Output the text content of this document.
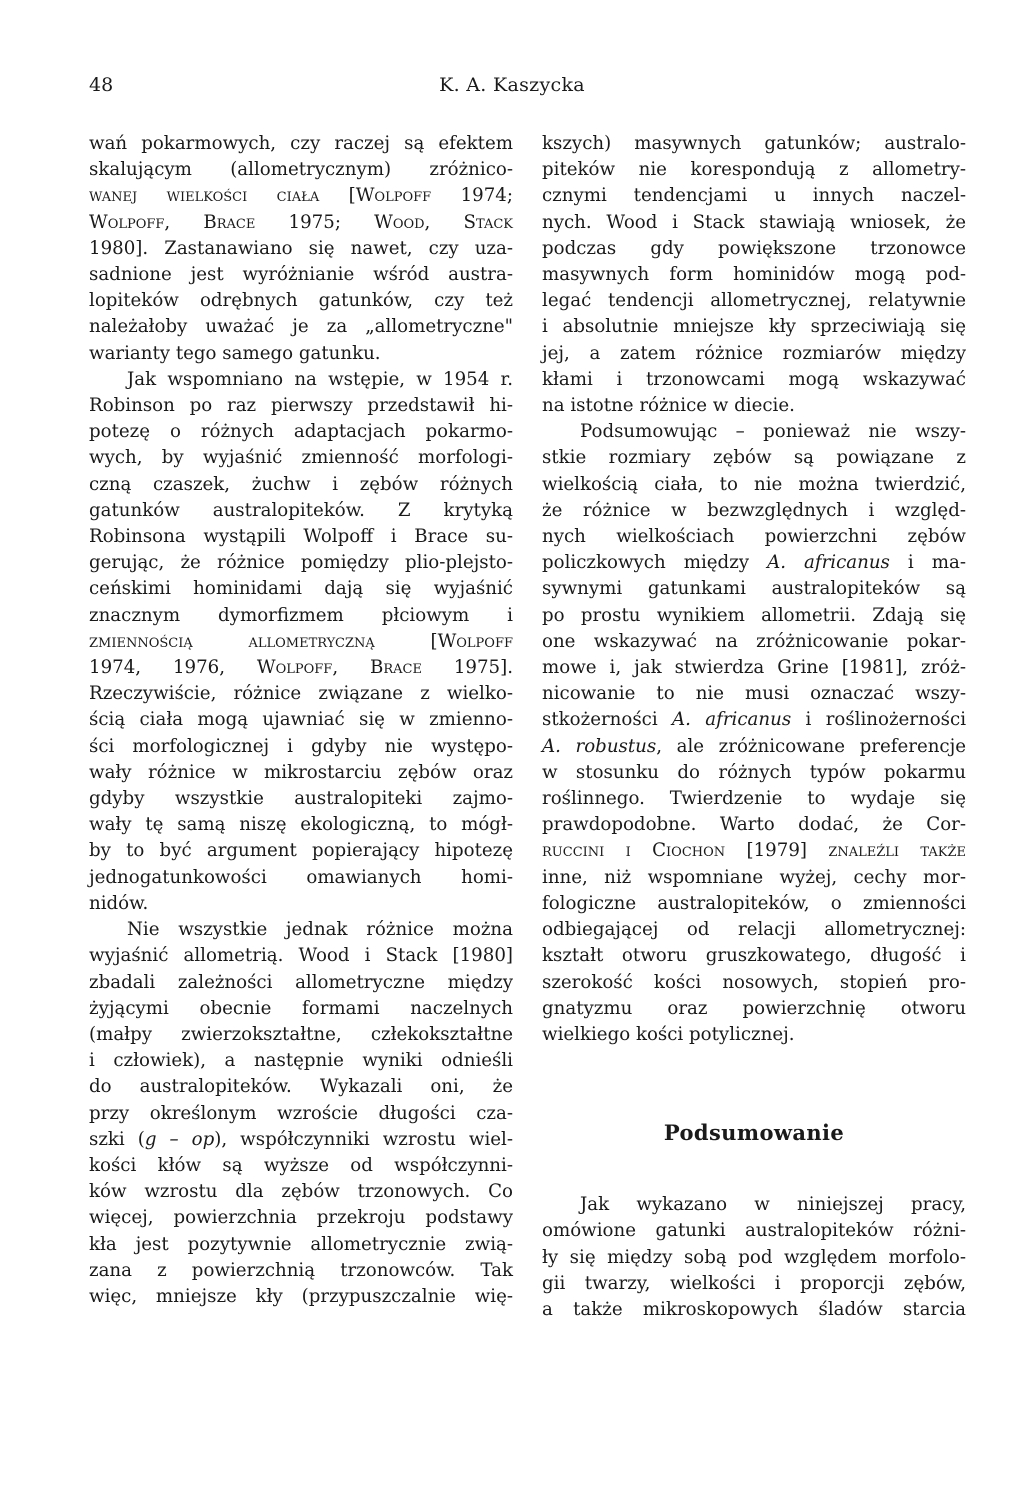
48	K. A. Kaszycka

wań pokarmowych, czy raczej są efektem
skalującym (allometrycznym) zróżnico-
wanej wielkości ciała [Wolpoff 1974;
Wolpoff, Brace 1975; Wood, Stack
1980]. Zastanawiano się nawet, czy uza-
sadnione jest wyróżnianie wśród austra-
lopiteków odrębnych gatunków, czy też
należałoby uważać je za „allometryczne"
warianty tego samego gatunku.

Jak wspomniano na wstępie, w 1954 r.
Robinson po raz pierwszy przedstawił hi-
potezę o różnych adaptacjach pokarmo-
wych, by wyjaśnić zmienność morfologi-
czną czaszek, żuchw i zębów różnych
gatunków australopiteków. Z krytyką
Robinsona wystąpili Wolpoff i Brace su-
gerując, że różnice pomiędzy plio-plejsto-
ceńskimi hominidami dają się wyjaśnić
znacznym dymorfizmem płciowym i
zmiennością allometryczną [Wolpoff
1974, 1976, Wolpoff, Brace 1975].
Rzeczywiście, różnice związane z wielko-
ścią ciała mogą ujawniać się w zmienno-
ści morfologicznej i gdyby nie występo-
wały różnice w mikrostarciu zębów oraz
gdyby wszystkie australopiteki zajmo-
wały tę samą niszę ekologiczną, to mógł-
by to być argument popierający hipotezę
jednogatunkowości omawianych homi-
nidów.

Nie wszystkie jednak różnice można
wyjaśnić allometrią. Wood i Stack [1980]
zbadali zależności allometryczne między
żyjącymi obecnie formami naczelnych
(małpy zwierzokształtne, człekokształtne
i człowiek), a następnie wyniki odnieśli
do australopiteków. Wykazali oni, że
przy określonym wzroście długości cza-
szki (g – op), współczynniki wzrostu wiel-
kości kłów są wyższe od współczynni-
ków wzrostu dla zębów trzonowych. Co
więcej, powierzchnia przekroju podstawy
kła jest pozytywnie allometrycznie zwią-
zana z powierzchnią trzonowców. Tak
więc, mniejsze kły (przypuszczalnie wię-

kszych) masywnych gatunków; australo-
piteków nie korespondują z allometry-
cznymi tendencjami u innych naczel-
nych. Wood i Stack stawiają wniosek, że
podczas gdy powiększone trzonowce
masywnych form hominidów mogą pod-
legać tendencji allometrycznej, relatywnie
i absolutnie mniejsze kły sprzeciwiają się
jej, a zatem różnice rozmiarów między
kłami i trzonowcami mogą wskazywać
na istotne różnice w diecie.

Podsumowując – ponieważ nie wszy-
stkie rozmiary zębów są powiązane z
wielkością ciała, to nie można twierdzić,
że różnice w bezwzględnych i względ-
nych wielkościach powierzchni zębów
policzkowych między A. africanus i ma-
sywnymi gatunkami australopiteków są
po prostu wynikiem allometrii. Zdają się
one wskazywać na zróżnicowanie pokar-
mowe i, jak stwierdza Grine [1981], zróż-
nicowanie to nie musi oznaczać wszy-
stkożerności A. africanus i roślinożerności
A. robustus, ale zróżnicowane preferencje
w stosunku do różnych typów pokarmu
roślinnego. Twierdzenie to wydaje się
prawdopodobne. Warto dodać, że Cor-
ruccini i Ciochon [1979] znaleźli także
inne, niż wspomniane wyżej, cechy mor-
fologiczne australopiteków, o zmienności
odbiegającej od relacji allometrycznej:
kształt otworu gruszkowatego, długość i
szerokość kości nosowych, stopień pro-
gnatyzmu oraz powierzchnię otworu
wielkiego kości potylicznej.

Podsumowanie

Jak wykazano w niniejszej pracy,
omówione gatunki australopiteków różni-
ły się między sobą pod względem morfolo-
gii twarzy, wielkości i proporcji zębów,
a także mikroskopowych śladów starcia
